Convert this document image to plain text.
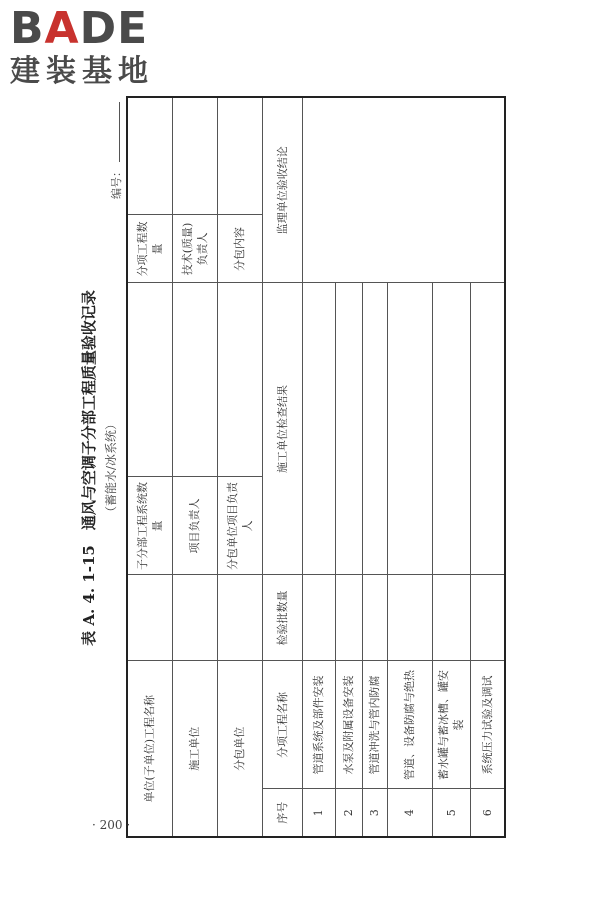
BADE
建装基地
表 A. 4. 1-15　通风与空调子分部工程质量验收记录 （蓄能水/冰系统）
编号：
单位(子单位)工程名称			子分部工程系统数量		分项工程数量	
施工单位			项目负责人		技术(质量)负责人	
分包单位			分包单位项目负责人		分包内容	
序号	分项工程名称	检验批数量	施工单位检查结果		监理单位验收结论	
1	管道系统及部件安装					
2	水泵及附属设备安装					
3	管道冲洗与管内防腐					
4	管道、设备防腐与绝热					
5	蓄水罐与蓄冰槽、罐安装					
6	系统压力试验及调试					
· 200 ·
